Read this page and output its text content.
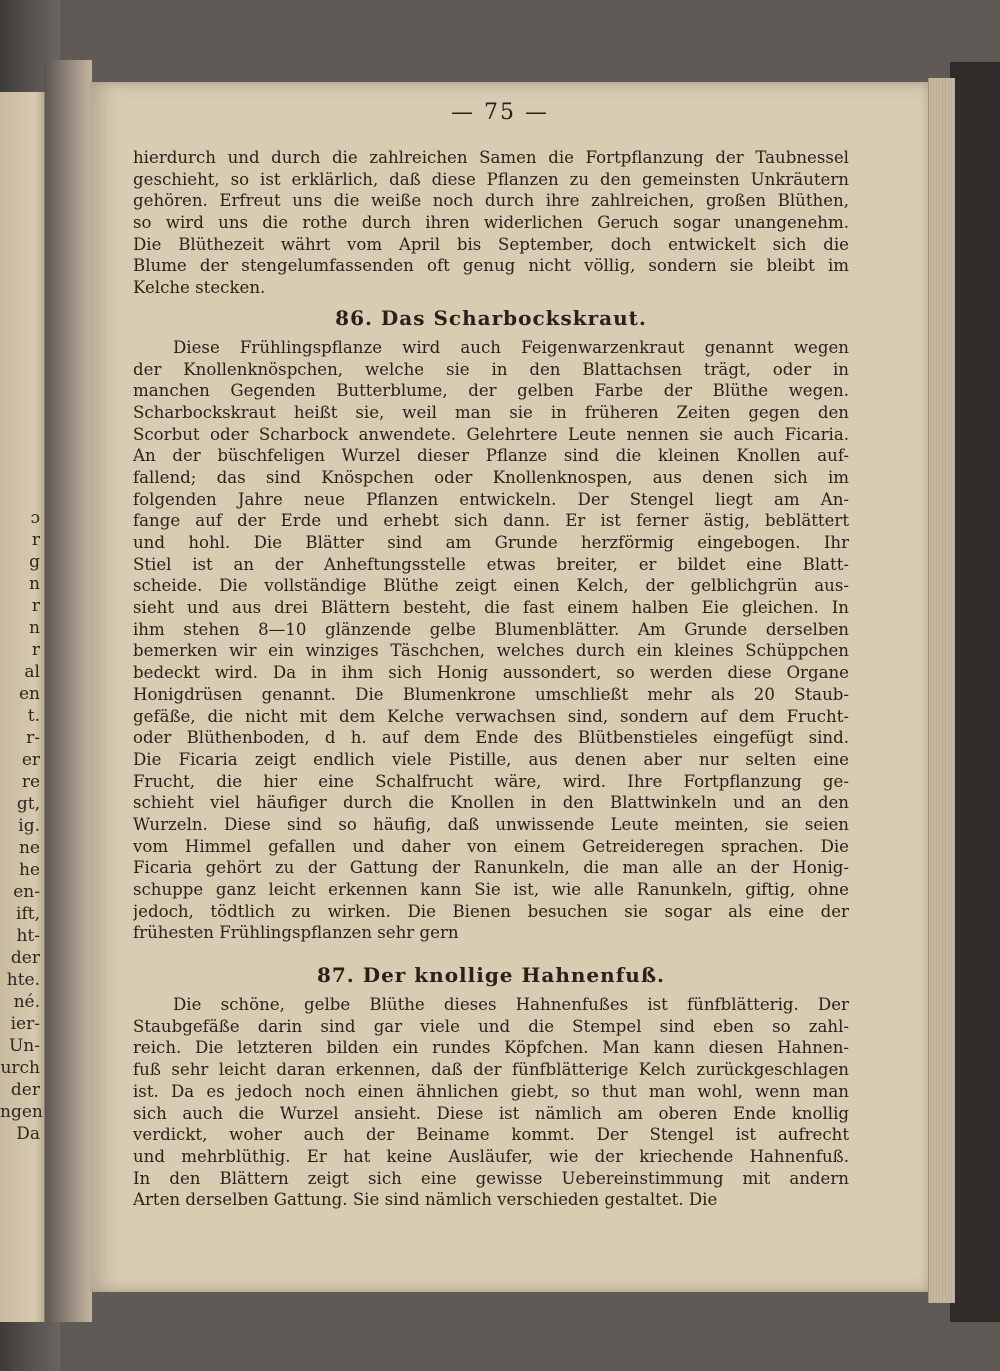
ɔ
r
g
n
r
n
r
al
en
t.
r-
er
re
gt,
ig.
ne
he
en-
ift,
ht-
der
hte.
né.
ier-
Un-
urch
der
ngen
Da
— 75 —
hierdurch und durch die zahlreichen Samen die Fortpflanzung der Taubnessel
geschieht, so ist erklärlich, daß diese Pflanzen zu den gemeinsten Unkräutern
gehören. Erfreut uns die weiße noch durch ihre zahlreichen, großen Blüthen,
so wird uns die rothe durch ihren widerlichen Geruch sogar unangenehm.
Die Blüthezeit währt vom April bis September, doch entwickelt sich die
Blume der stengelumfassenden oft genug nicht völlig, sondern sie bleibt im
Kelche stecken.
86. Das Scharbockskraut.
Diese Frühlingspflanze wird auch Feigenwarzenkraut genannt wegen
der Knollenknöspchen, welche sie in den Blattachsen trägt, oder in
manchen Gegenden Butterblume, der gelben Farbe der Blüthe wegen.
Scharbockskraut heißt sie, weil man sie in früheren Zeiten gegen den
Scorbut oder Scharbock anwendete. Gelehrtere Leute nennen sie auch Ficaria.
An der büschfeligen Wurzel dieser Pflanze sind die kleinen Knollen auf-
fallend; das sind Knöspchen oder Knollenknospen, aus denen sich im
folgenden Jahre neue Pflanzen entwickeln. Der Stengel liegt am An-
fange auf der Erde und erhebt sich dann. Er ist ferner ästig, beblättert
und hohl. Die Blätter sind am Grunde herzförmig eingebogen. Ihr
Stiel ist an der Anheftungsstelle etwas breiter, er bildet eine Blatt-
scheide. Die vollständige Blüthe zeigt einen Kelch, der gelblichgrün aus-
sieht und aus drei Blättern besteht, die fast einem halben Eie gleichen. In
ihm stehen 8—10 glänzende gelbe Blumenblätter. Am Grunde derselben
bemerken wir ein winziges Täschchen, welches durch ein kleines Schüppchen
bedeckt wird. Da in ihm sich Honig aussondert, so werden diese Organe
Honigdrüsen genannt. Die Blumenkrone umschließt mehr als 20 Staub-
gefäße, die nicht mit dem Kelche verwachsen sind, sondern auf dem Frucht-
oder Blüthenboden, d h. auf dem Ende des Blütbenstieles eingefügt sind.
Die Ficaria zeigt endlich viele Pistille, aus denen aber nur selten eine
Frucht, die hier eine Schalfrucht wäre, wird. Ihre Fortpflanzung ge-
schieht viel häufiger durch die Knollen in den Blattwinkeln und an den
Wurzeln. Diese sind so häufig, daß unwissende Leute meinten, sie seien
vom Himmel gefallen und daher von einem Getreideregen sprachen. Die
Ficaria gehört zu der Gattung der Ranunkeln, die man alle an der Honig-
schuppe ganz leicht erkennen kann Sie ist, wie alle Ranunkeln, giftig, ohne
jedoch, tödtlich zu wirken. Die Bienen besuchen sie sogar als eine der
frühesten Frühlingspflanzen sehr gern
87. Der knollige Hahnenfuß.
Die schöne, gelbe Blüthe dieses Hahnenfußes ist fünfblätterig. Der
Staubgefäße darin sind gar viele und die Stempel sind eben so zahl-
reich. Die letzteren bilden ein rundes Köpfchen. Man kann diesen Hahnen-
fuß sehr leicht daran erkennen, daß der fünfblätterige Kelch zurückgeschlagen
ist. Da es jedoch noch einen ähnlichen giebt, so thut man wohl, wenn man
sich auch die Wurzel ansieht. Diese ist nämlich am oberen Ende knollig
verdickt, woher auch der Beiname kommt. Der Stengel ist aufrecht
und mehrblüthig. Er hat keine Ausläufer, wie der kriechende Hahnenfuß.
In den Blättern zeigt sich eine gewisse Uebereinstimmung mit andern
Arten derselben Gattung. Sie sind nämlich verschieden gestaltet. Die
